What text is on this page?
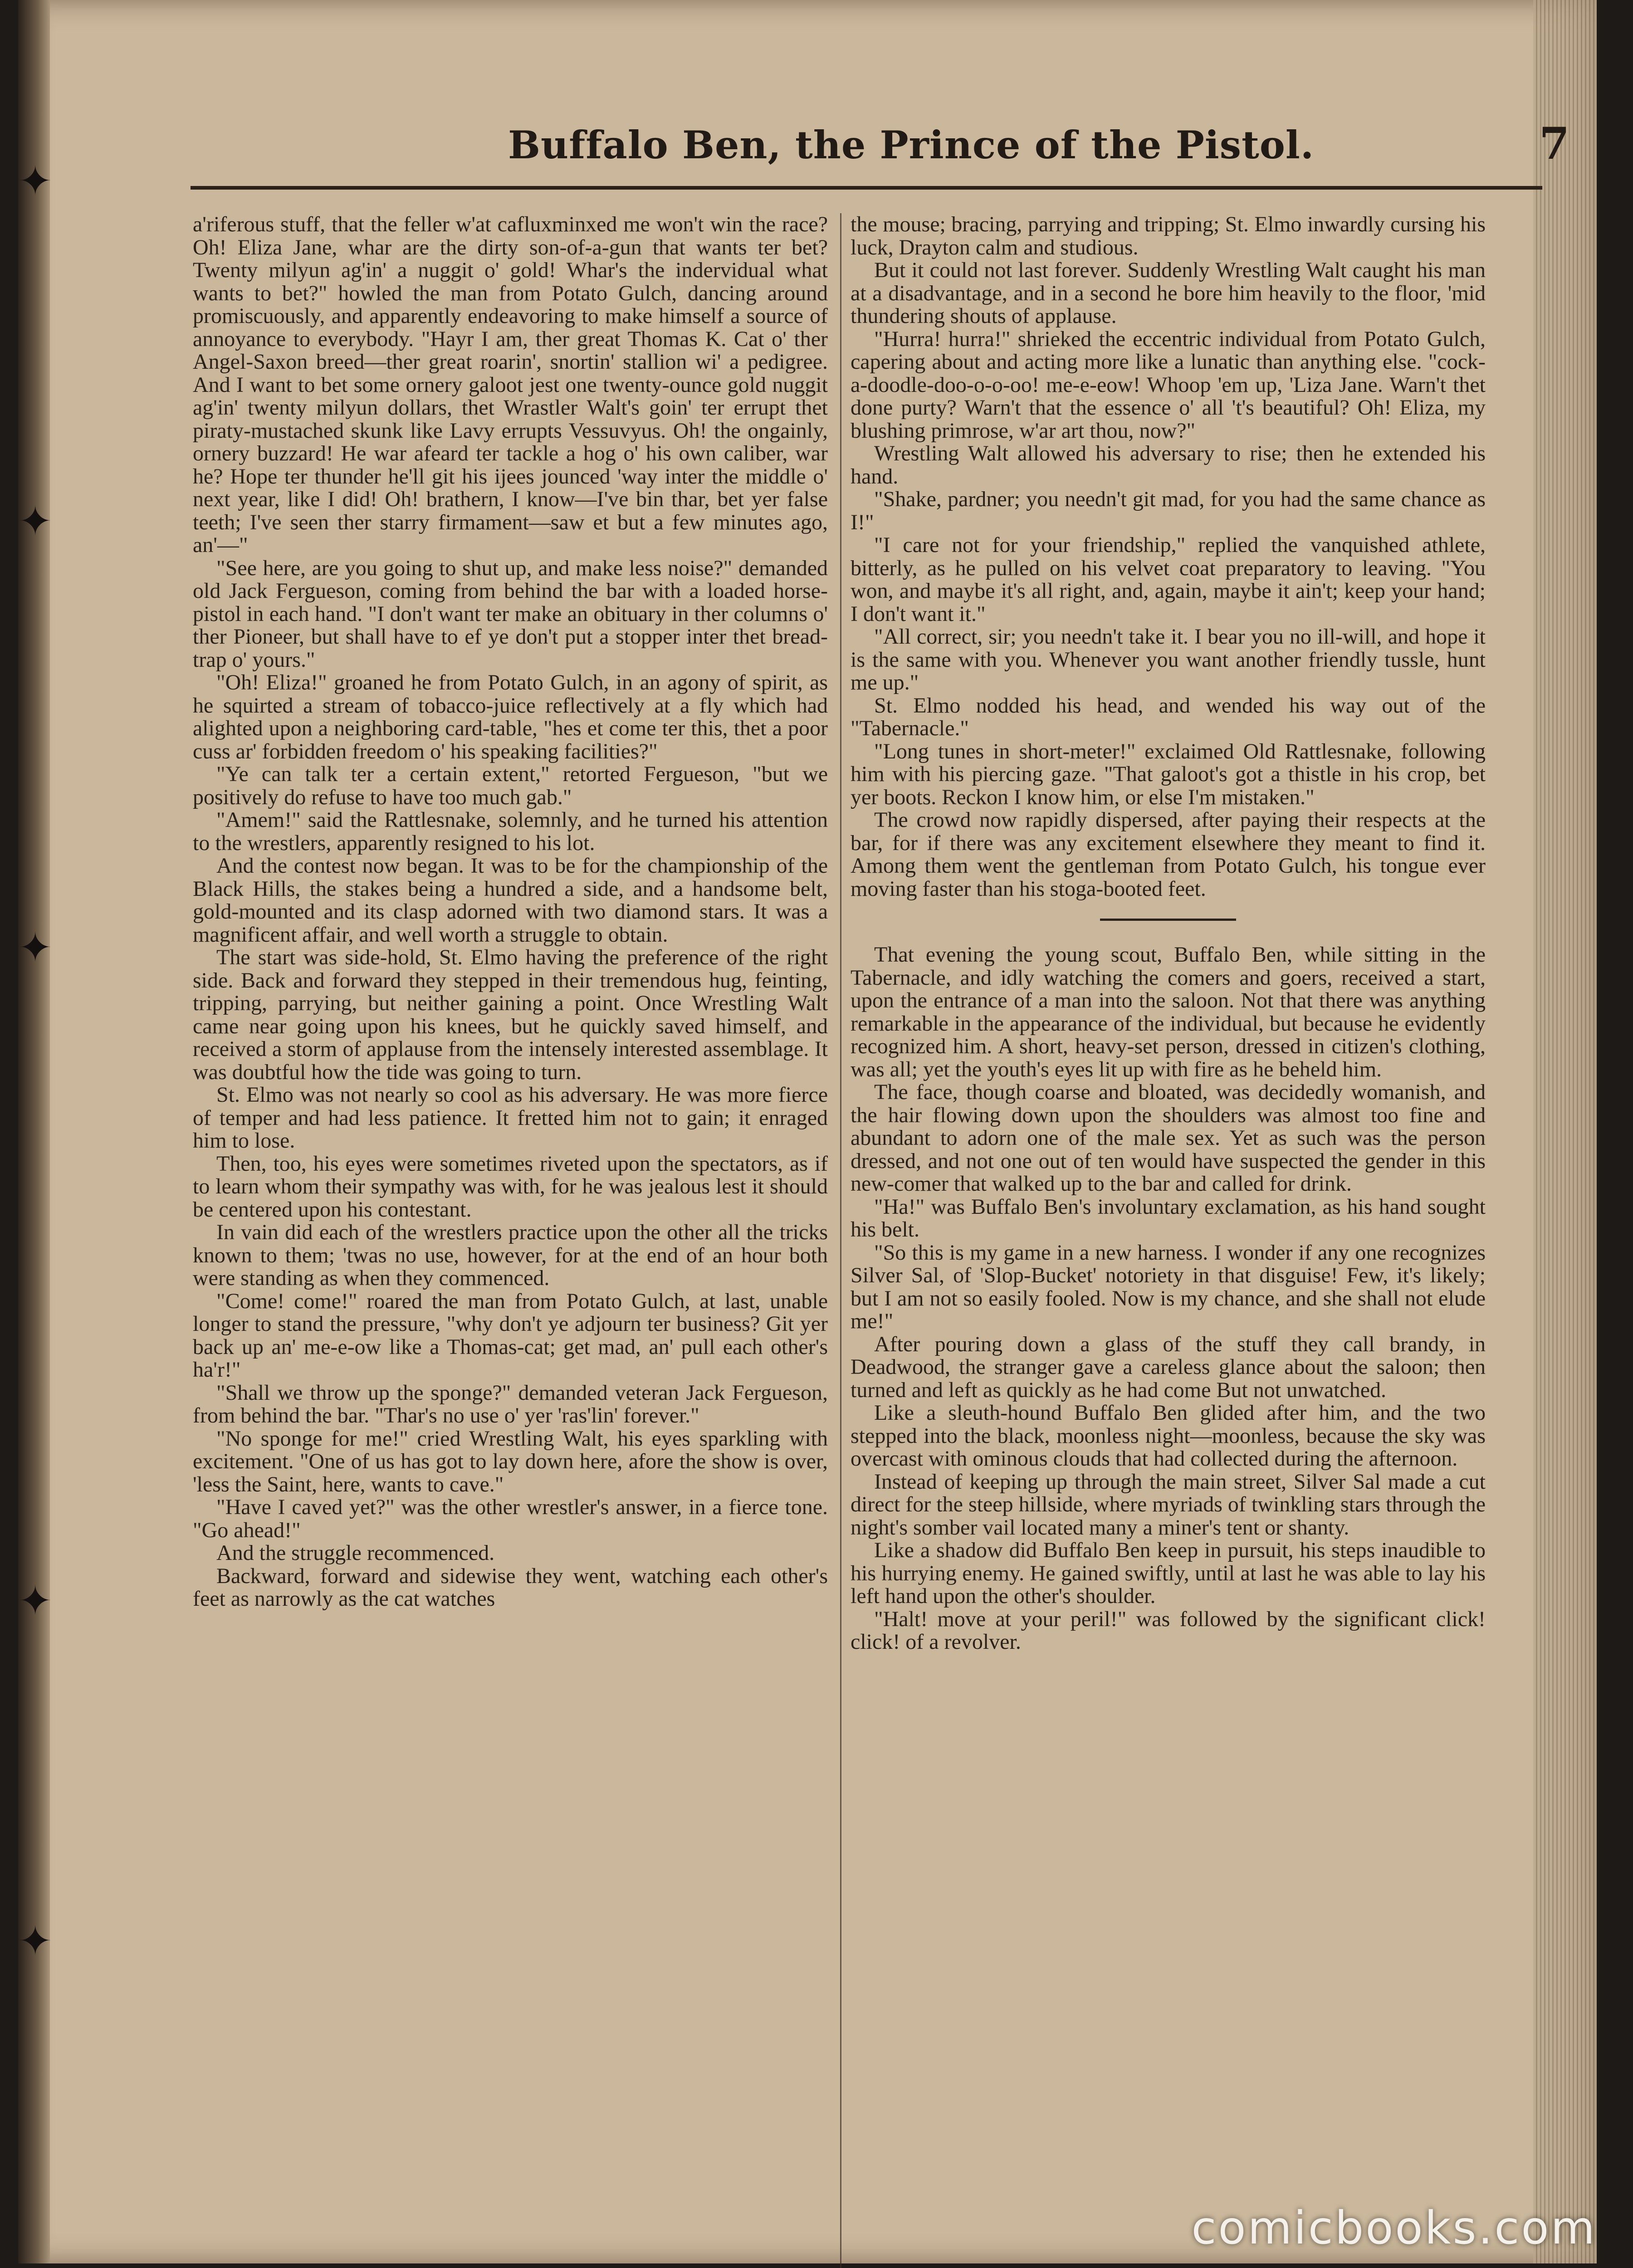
✦
✦
✦
✦
✦
Buffalo Ben, the Prince of the Pistol.	7

a'riferous stuff, that the feller w'at cafluxminxed me won't win the race? Oh! Eliza Jane, whar are the dirty son-of-a-gun that wants ter bet? Twenty milyun ag'in' a nuggit o' gold! Whar's the indervidual what wants to bet?" howled the man from Potato Gulch, dancing around promiscuously, and apparently endeavoring to make himself a source of annoyance to everybody. "Hayr I am, ther great Thomas K. Cat o' ther Angel-Saxon breed—ther great roarin', snortin' stallion wi' a pedigree. And I want to bet some ornery galoot jest one twenty-ounce gold nuggit ag'in' twenty milyun dollars, thet Wrastler Walt's goin' ter errupt thet piraty-mustached skunk like Lavy errupts Vessuvyus. Oh! the ongainly, ornery buzzard! He war afeard ter tackle a hog o' his own caliber, war he? Hope ter thunder he'll git his ijees jounced 'way inter the middle o' next year, like I did! Oh! brathern, I know—I've bin thar, bet yer false teeth; I've seen ther starry firmament—saw et but a few minutes ago, an'—"

"See here, are you going to shut up, and make less noise?" demanded old Jack Fergueson, coming from behind the bar with a loaded horse-pistol in each hand. "I don't want ter make an obituary in ther columns o' ther Pioneer, but shall have to ef ye don't put a stopper inter thet bread-trap o' yours."

"Oh! Eliza!" groaned he from Potato Gulch, in an agony of spirit, as he squirted a stream of tobacco-juice reflectively at a fly which had alighted upon a neighboring card-table, "hes et come ter this, thet a poor cuss ar' forbidden freedom o' his speaking facilities?"

"Ye can talk ter a certain extent," retorted Fergueson, "but we positively do refuse to have too much gab."

"Amem!" said the Rattlesnake, solemnly, and he turned his attention to the wrestlers, apparently resigned to his lot.

And the contest now began. It was to be for the championship of the Black Hills, the stakes being a hundred a side, and a handsome belt, gold-mounted and its clasp adorned with two diamond stars. It was a magnificent affair, and well worth a struggle to obtain.

The start was side-hold, St. Elmo having the preference of the right side. Back and forward they stepped in their tremendous hug, feinting, tripping, parrying, but neither gaining a point. Once Wrestling Walt came near going upon his knees, but he quickly saved himself, and received a storm of applause from the intensely interested assemblage. It was doubtful how the tide was going to turn.

St. Elmo was not nearly so cool as his adversary. He was more fierce of temper and had less patience. It fretted him not to gain; it enraged him to lose.

Then, too, his eyes were sometimes riveted upon the spectators, as if to learn whom their sympathy was with, for he was jealous lest it should be centered upon his contestant.

In vain did each of the wrestlers practice upon the other all the tricks known to them; 'twas no use, however, for at the end of an hour both were standing as when they commenced.

"Come! come!" roared the man from Potato Gulch, at last, unable longer to stand the pressure, "why don't ye adjourn ter business? Git yer back up an' me-e-ow like a Thomas-cat; get mad, an' pull each other's ha'r!"

"Shall we throw up the sponge?" demanded veteran Jack Fergueson, from behind the bar. "Thar's no use o' yer 'ras'lin' forever."

"No sponge for me!" cried Wrestling Walt, his eyes sparkling with excitement. "One of us has got to lay down here, afore the show is over, 'less the Saint, here, wants to cave."

"Have I caved yet?" was the other wrestler's answer, in a fierce tone. "Go ahead!"

And the struggle recommenced.

Backward, forward and sidewise they went, watching each other's feet as narrowly as the cat watches

the mouse; bracing, parrying and tripping; St. Elmo inwardly cursing his luck, Drayton calm and studious.

But it could not last forever. Suddenly Wrestling Walt caught his man at a disadvantage, and in a second he bore him heavily to the floor, 'mid thundering shouts of applause.

"Hurra! hurra!" shrieked the eccentric individual from Potato Gulch, capering about and acting more like a lunatic than anything else. "cock-a-doodle-doo-o-o-oo! me-e-eow! Whoop 'em up, 'Liza Jane. Warn't thet done purty? Warn't that the essence o' all 't's beautiful? Oh! Eliza, my blushing primrose, w'ar art thou, now?"

Wrestling Walt allowed his adversary to rise; then he extended his hand.

"Shake, pardner; you needn't git mad, for you had the same chance as I!"

"I care not for your friendship," replied the vanquished athlete, bitterly, as he pulled on his velvet coat preparatory to leaving. "You won, and maybe it's all right, and, again, maybe it ain't; keep your hand; I don't want it."

"All correct, sir; you needn't take it. I bear you no ill-will, and hope it is the same with you. Whenever you want another friendly tussle, hunt me up."

St. Elmo nodded his head, and wended his way out of the "Tabernacle."

"Long tunes in short-meter!" exclaimed Old Rattlesnake, following him with his piercing gaze. "That galoot's got a thistle in his crop, bet yer boots. Reckon I know him, or else I'm mistaken."

The crowd now rapidly dispersed, after paying their respects at the bar, for if there was any excitement elsewhere they meant to find it. Among them went the gentleman from Potato Gulch, his tongue ever moving faster than his stoga-booted feet.

That evening the young scout, Buffalo Ben, while sitting in the Tabernacle, and idly watching the comers and goers, received a start, upon the entrance of a man into the saloon. Not that there was anything remarkable in the appearance of the individual, but because he evidently recognized him. A short, heavy-set person, dressed in citizen's clothing, was all; yet the youth's eyes lit up with fire as he beheld him.

The face, though coarse and bloated, was decidedly womanish, and the hair flowing down upon the shoulders was almost too fine and abundant to adorn one of the male sex. Yet as such was the person dressed, and not one out of ten would have suspected the gender in this new-comer that walked up to the bar and called for drink.

"Ha!" was Buffalo Ben's involuntary exclamation, as his hand sought his belt.

"So this is my game in a new harness. I wonder if any one recognizes Silver Sal, of 'Slop-Bucket' notoriety in that disguise! Few, it's likely; but I am not so easily fooled. Now is my chance, and she shall not elude me!"

After pouring down a glass of the stuff they call brandy, in Deadwood, the stranger gave a careless glance about the saloon; then turned and left as quickly as he had come But not unwatched.

Like a sleuth-hound Buffalo Ben glided after him, and the two stepped into the black, moonless night—moonless, because the sky was overcast with ominous clouds that had collected during the afternoon.

Instead of keeping up through the main street, Silver Sal made a cut direct for the steep hillside, where myriads of twinkling stars through the night's somber vail located many a miner's tent or shanty.

Like a shadow did Buffalo Ben keep in pursuit, his steps inaudible to his hurrying enemy. He gained swiftly, until at last he was able to lay his left hand upon the other's shoulder.

"Halt! move at your peril!" was followed by the significant click! click! of a revolver.

comicbooks.com
